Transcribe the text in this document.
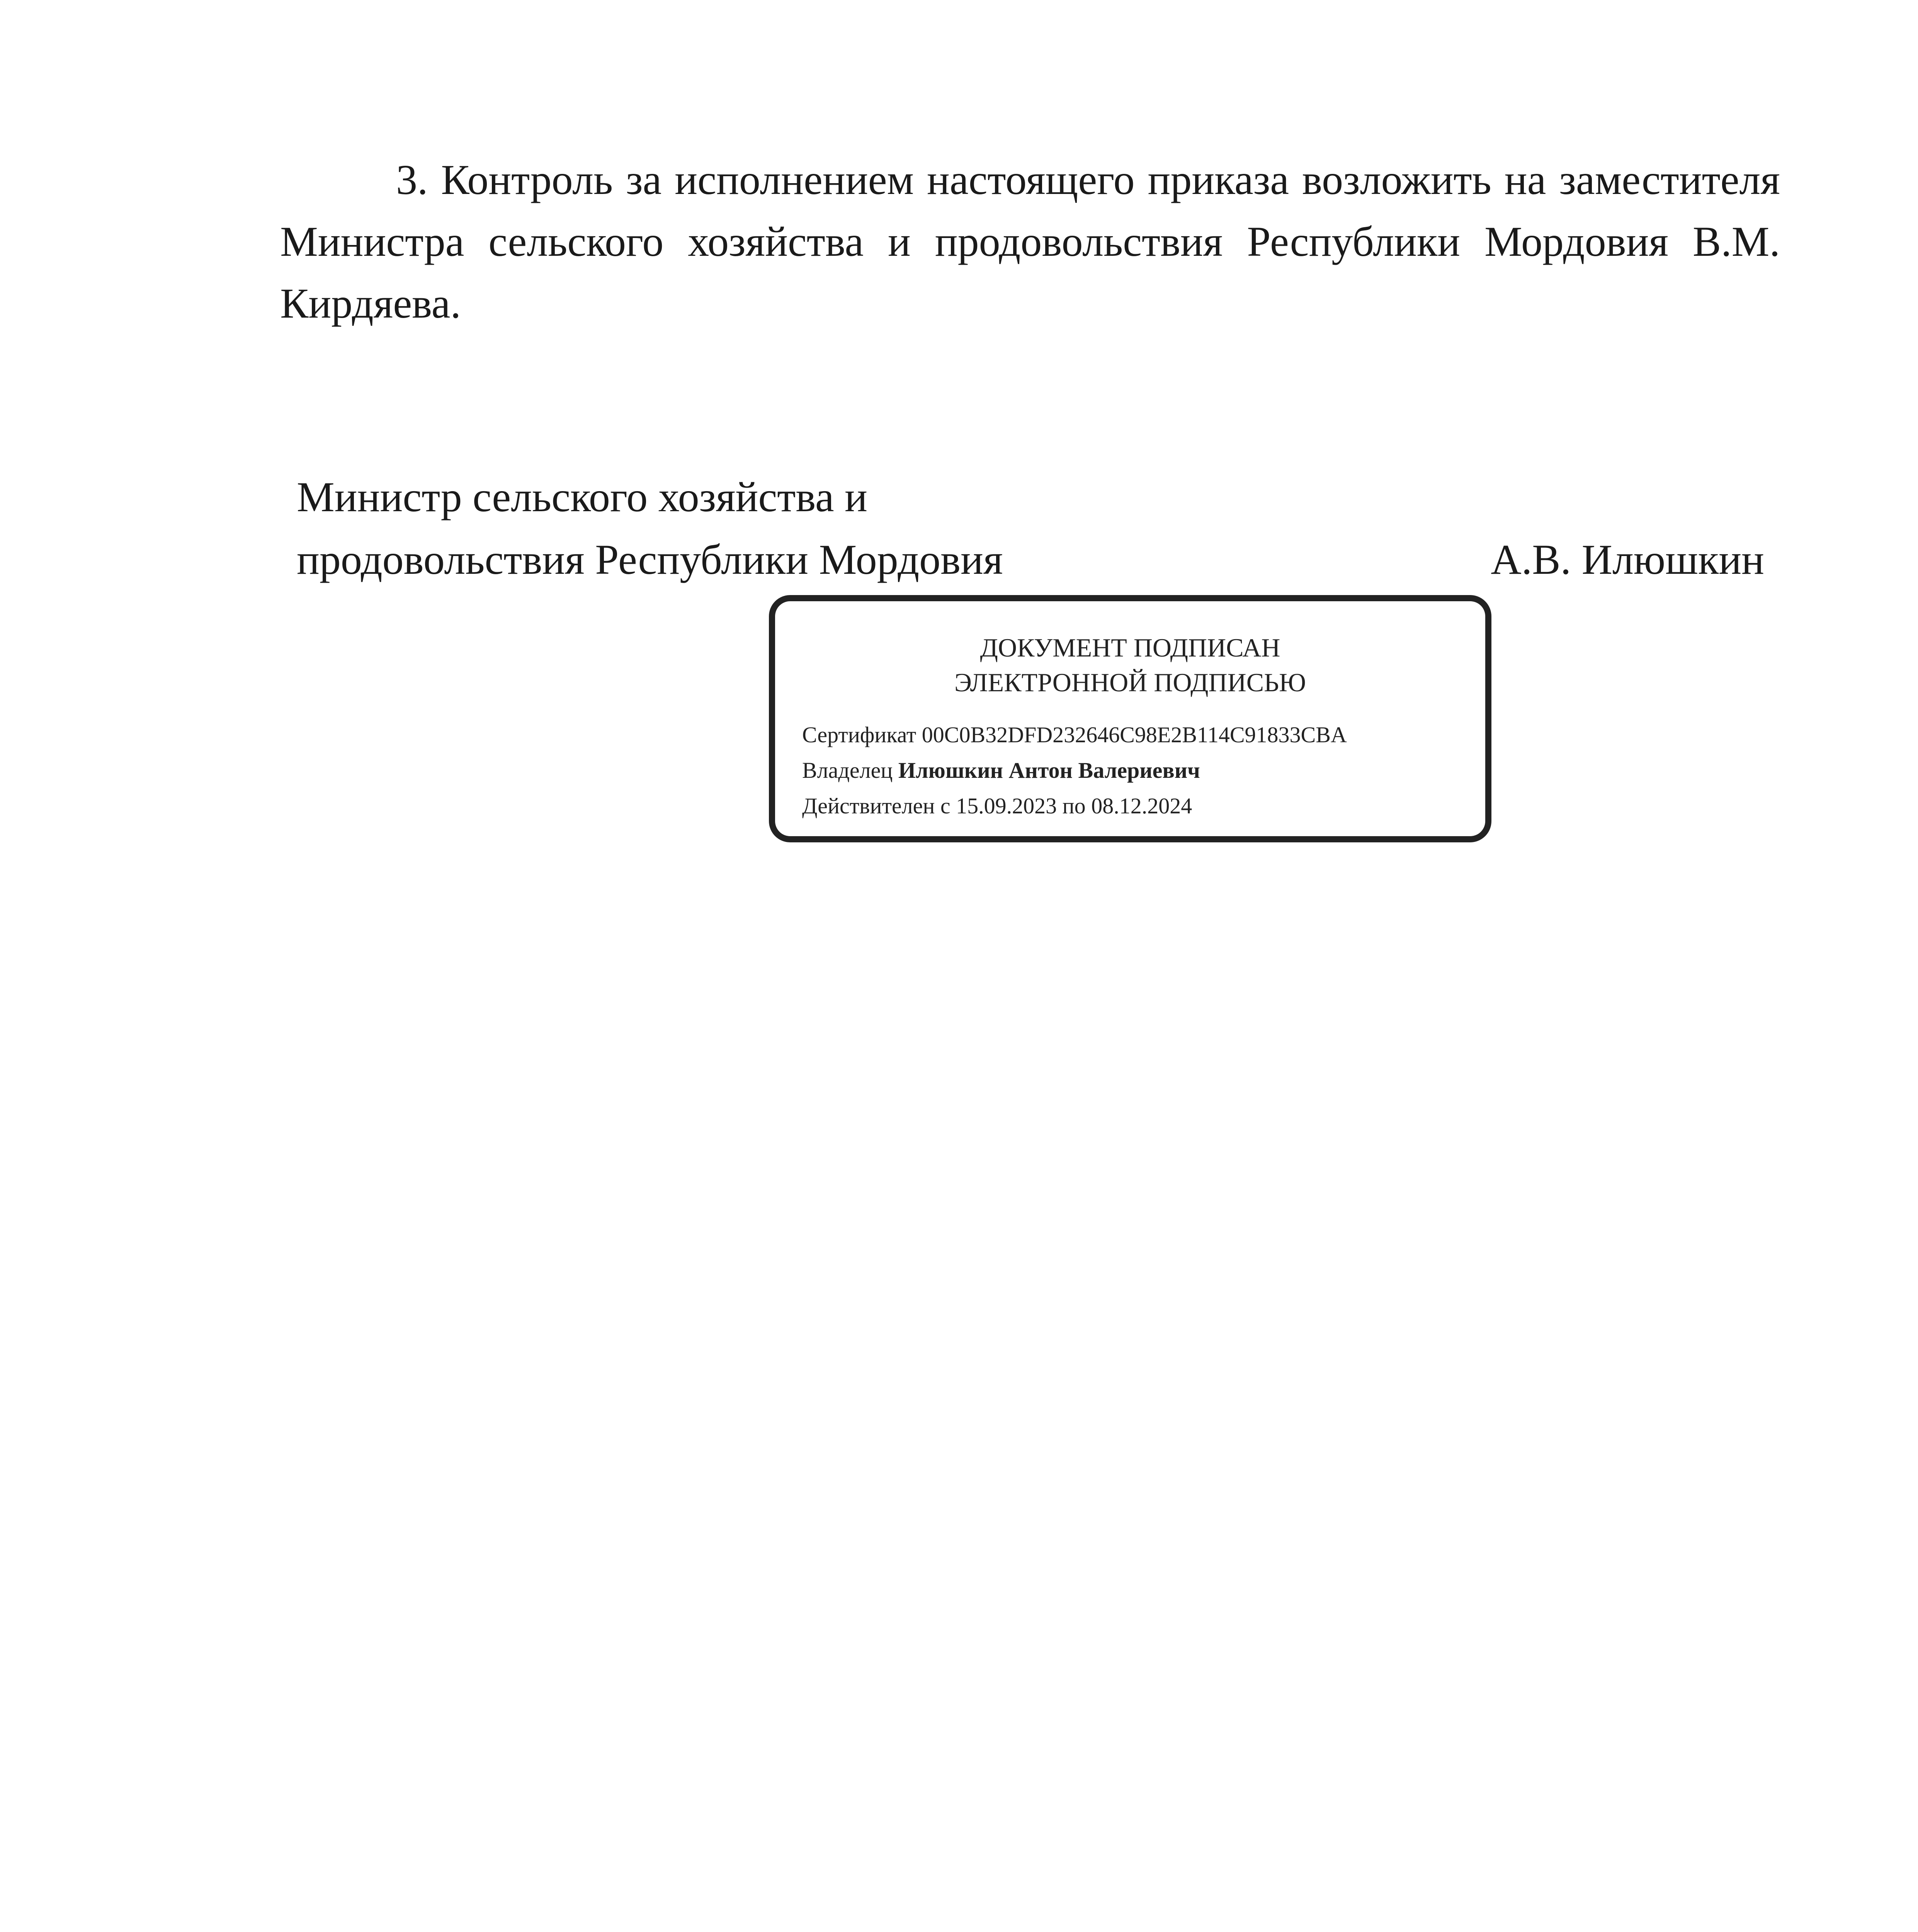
3. Контроль за исполнением настоящего приказа возложить на заместителя Министра сельского хозяйства и продовольствия Республики Мордовия В.М. Кирдяева.

Министр сельского хозяйства и
продовольствия Республики Мордовия	А.В. Илюшкин
ДОКУМЕНТ ПОДПИСАН
ЭЛЕКТРОННОЙ ПОДПИСЬЮ
Сертификат 00C0B32DFD232646C98E2B114C91833CBA
Владелец Илюшкин Антон Валериевич
Действителен с 15.09.2023 по 08.12.2024
